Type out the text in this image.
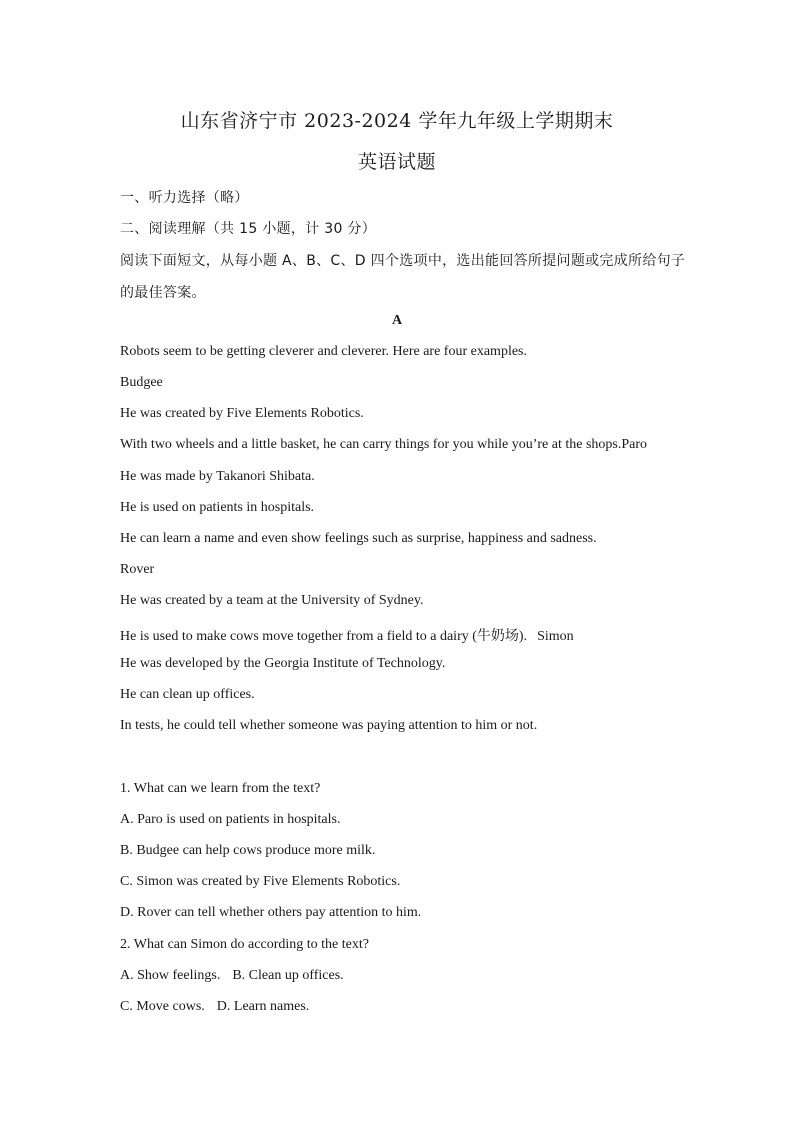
山东省济宁市 2023-2024 学年九年级上学期期末
英语试题
一、听力选择（略）
二、阅读理解（共 15 小题，计 30 分）
阅读下面短文，从每小题 A、B、C、D 四个选项中，选出能回答所提问题或完成所给句子
的最佳答案。
A
Robots seem to be getting cleverer and cleverer. Here are four examples.
Budgee
He was created by Five Elements Robotics.
With two wheels and a little basket, he can carry things for you while you’re at the shops.Paro
He was made by Takanori Shibata.
He is used on patients in hospitals.
He can learn a name and even show feelings such as surprise, happiness and sadness.
Rover
He was created by a team at the University of Sydney.
He is used to make cows move together from a field to a dairy (牛奶场). Simon
He was developed by the Georgia Institute of Technology.
He can clean up offices.
In tests, he could tell whether someone was paying attention to him or not.
1. What can we learn from the text?
A. Paro is used on patients in hospitals.
B. Budgee can help cows produce more milk.
C. Simon was created by Five Elements Robotics.
D. Rover can tell whether others pay attention to him.
2. What can Simon do according to the text?
A. Show feelings. B. Clean up offices.
C. Move cows. D. Learn names.
